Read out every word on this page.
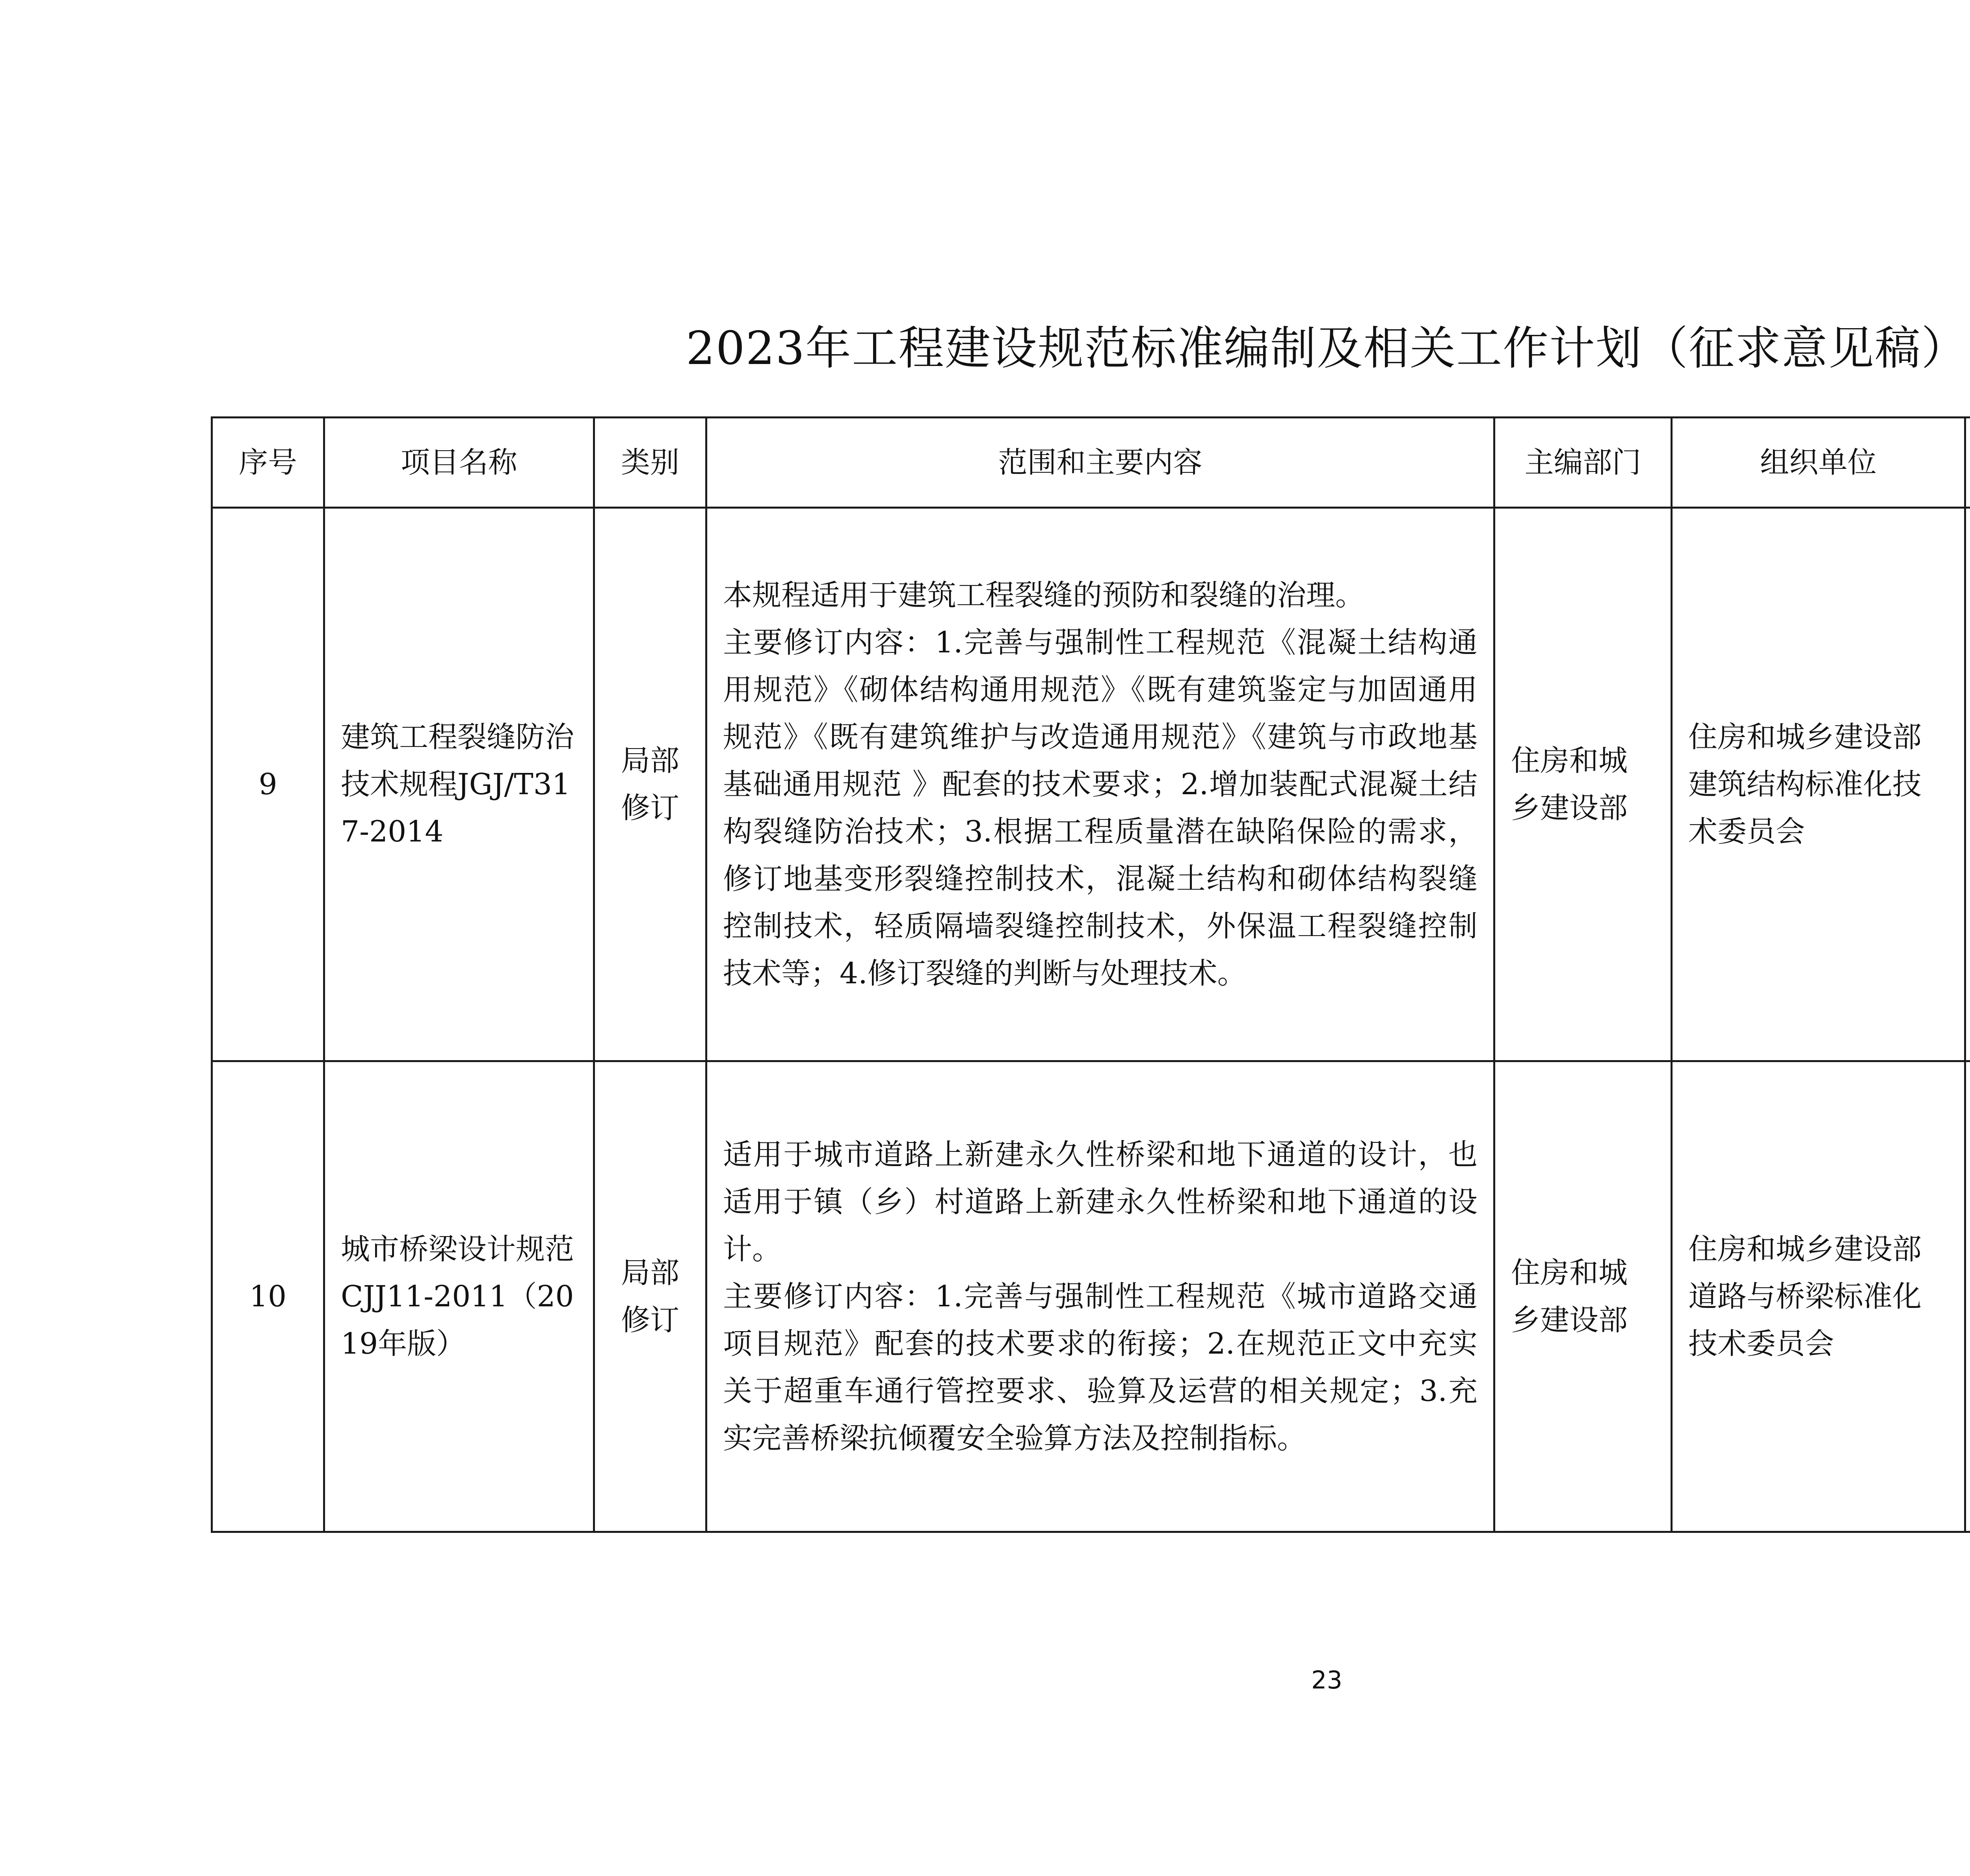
2023年工程建设规范标准编制及相关工作计划（征求意见稿）
序号	项目名称	类别	范围和主要内容	主编部门	组织单位		
9	建筑工程裂缝防治技术规程JGJ/T317-2014	局部修订	本规程适用于建筑工程裂缝的预防和裂缝的治理。
主要修订内容：1.完善与强制性工程规范《混凝土结构通用规范》《砌体结构通用规范》《既有建筑鉴定与加固通用规范》《既有建筑维护与改造通用规范》《建筑与市政地基基础通用规范 》配套的技术要求；2.增加装配式混凝土结构裂缝防治技术；3.根据工程质量潜在缺陷保险的需求，修订地基变形裂缝控制技术，混凝土结构和砌体结构裂缝控制技术，轻质隔墙裂缝控制技术，外保温工程裂缝控制技术等；4.修订裂缝的判断与处理技术。	住房和城乡建设部	住房和城乡建设部建筑结构标准化技术委员会		
10	城市桥梁设计规范CJJ11-2011（2019年版）	局部修订	适用于城市道路上新建永久性桥梁和地下通道的设计，也适用于镇（乡）村道路上新建永久性桥梁和地下通道的设计。
主要修订内容：1.完善与强制性工程规范《城市道路交通项目规范》配套的技术要求的衔接；2.在规范正文中充实关于超重车通行管控要求、验算及运营的相关规定；3.充实完善桥梁抗倾覆安全验算方法及控制指标。	住房和城乡建设部	住房和城乡建设部道路与桥梁标准化技术委员会		
23
